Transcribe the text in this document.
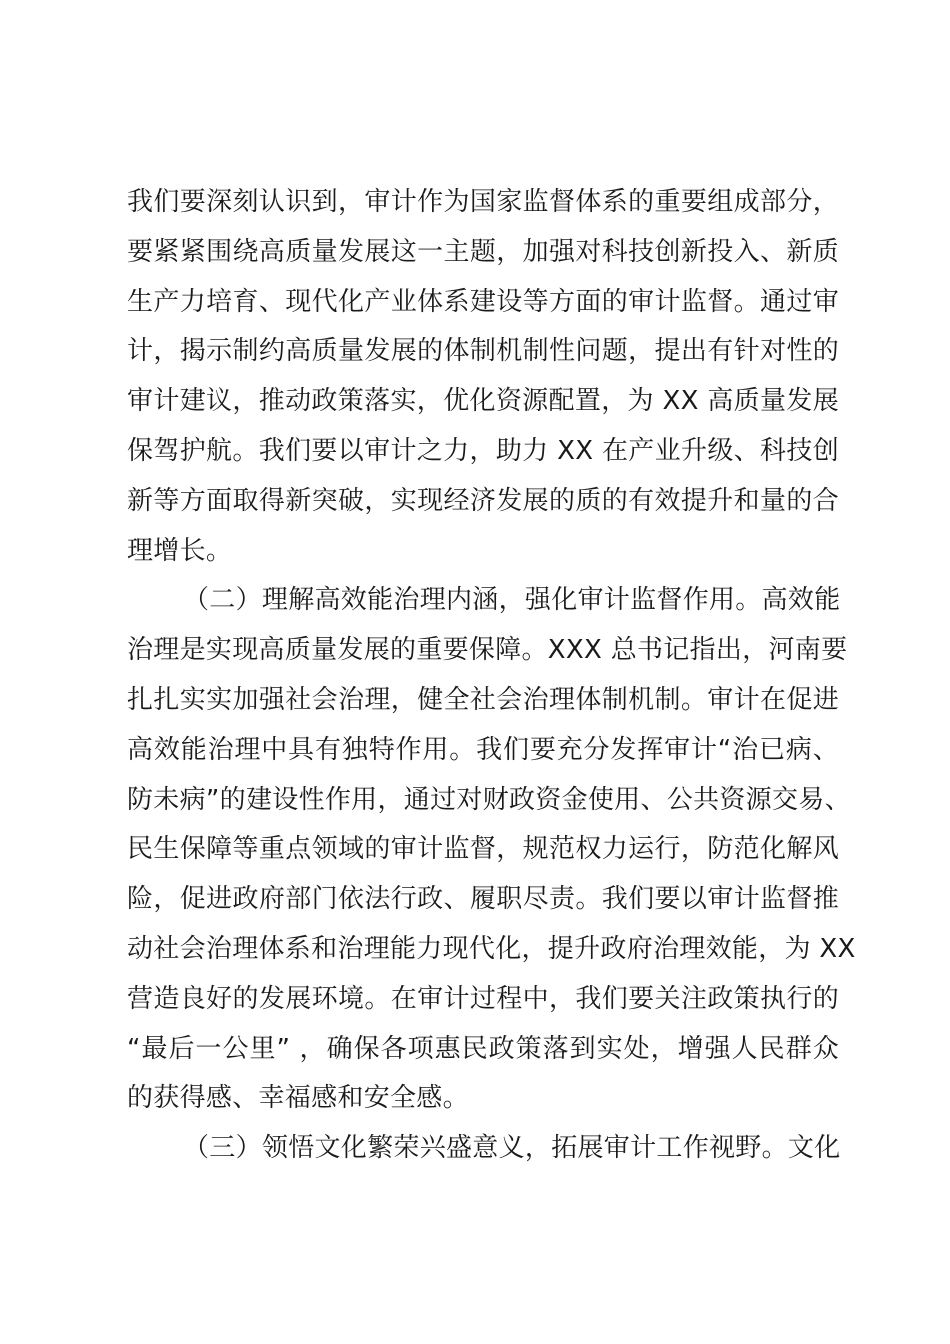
我们要深刻认识到，审计作为国家监督体系的重要组成部分，
要紧紧围绕高质量发展这一主题，加强对科技创新投入、新质
生产力培育、现代化产业体系建设等方面的审计监督。通过审
计，揭示制约高质量发展的体制机制性问题，提出有针对性的
审计建议，推动政策落实，优化资源配置，为 XX 高质量发展
保驾护航。我们要以审计之力，助力 XX 在产业升级、科技创
新等方面取得新突破，实现经济发展的质的有效提升和量的合
理增长。
（二）理解高效能治理内涵，强化审计监督作用。高效能
治理是实现高质量发展的重要保障。XXX 总书记指出，河南要
扎扎实实加强社会治理，健全社会治理体制机制。审计在促进
高效能治理中具有独特作用。我们要充分发挥审计“治已病、
防未病”的建设性作用，通过对财政资金使用、公共资源交易、
民生保障等重点领域的审计监督，规范权力运行，防范化解风
险，促进政府部门依法行政、履职尽责。我们要以审计监督推
动社会治理体系和治理能力现代化，提升政府治理效能，为 XX
营造良好的发展环境。在审计过程中，我们要关注政策执行的
“最后一公里” ，确保各项惠民政策落到实处，增强人民群众
的获得感、幸福感和安全感。
（三）领悟文化繁荣兴盛意义，拓展审计工作视野。文化
